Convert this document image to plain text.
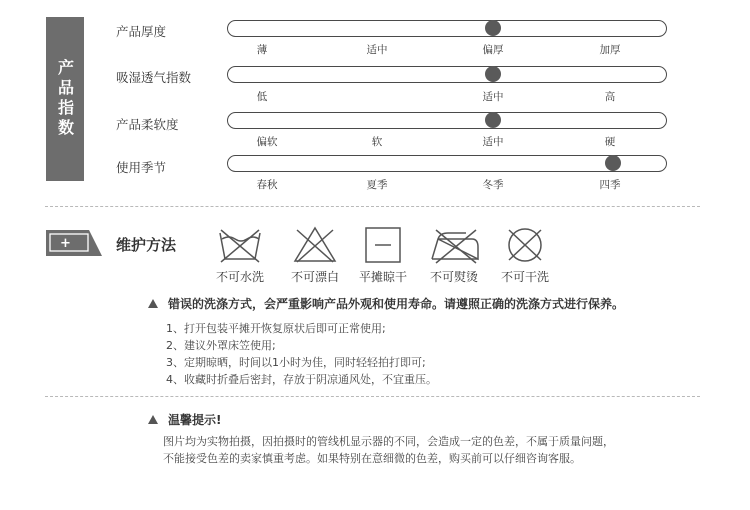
产品指数
产品厚度
薄	适中	偏厚	加厚
吸湿透气指数
低	适中	高
产品柔软度
偏软	软	适中	硬
使用季节
春秋	夏季	冬季	四季
+	维护方法
不可水洗 不可漂白 平摊晾干 不可熨烫 不可干洗
错误的洗涤方式，会严重影响产品外观和使用寿命。请遵照正确的洗涤方式进行保养。
1、打开包装平摊开恢复原状后即可正常使用;
2、建议外罩床笠使用;
3、定期晾晒，时间以1小时为佳，同时轻轻拍打即可;
4、收藏时折叠后密封，存放于阴凉通风处，不宜重压。
温馨提示!
图片均为实物拍摄，因拍摄时的管线机显示器的不同，会造成一定的色差，不属于质量问题，
不能接受色差的卖家慎重考虑。如果特别在意细微的色差，购买前可以仔细咨询客服。
